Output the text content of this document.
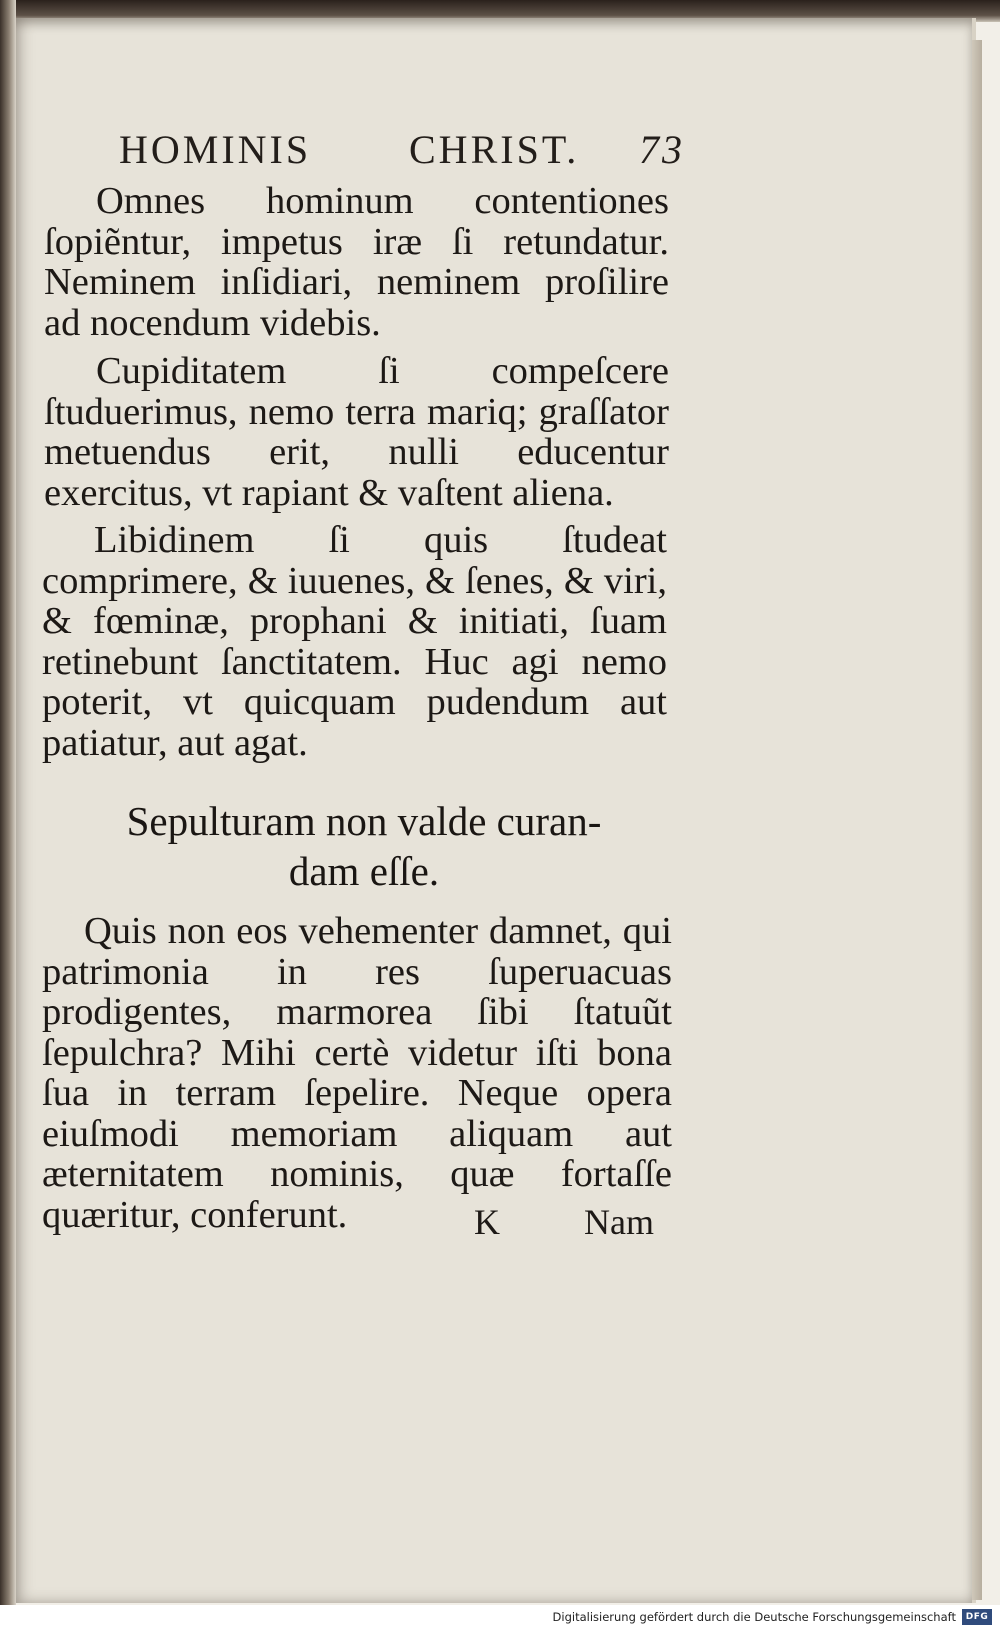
HOMINIS CHRIST. 73

Omnes hominum contentiones ſopiẽntur, impetus iræ ſi retundatur. Neminem inſidiari, neminem proſilire ad nocendum videbis.

Cupiditatem ſi compeſcere ſtuduerimus, nemo terra mariq; graſſator metuendus erit, nulli educentur exercitus, vt rapiant & vaſtent aliena.

Libidinem ſi quis ſtudeat comprimere, & iuuenes, & ſenes, & viri, & fœminæ, prophani & initiati, ſuam retinebunt ſanctitatem. Huc agi nemo poterit, vt quicquam pudendum aut patiatur, aut agat.

Sepulturam non valde curan-
dam eſſe.

Quis non eos vehementer damnet, qui patrimonia in res ſuperuacuas prodigentes, marmorea ſibi ſtatuũt ſepulchra? Mihi certè videtur iſti bona ſua in terram ſepelire. Neque opera eiuſmodi memoriam aliquam aut æternitatem nominis, quæ fortaſſe quæritur, conferunt.	K Nam
Digitalisierung gefördert durch die Deutsche Forschungsgemeinschaft	DFG
